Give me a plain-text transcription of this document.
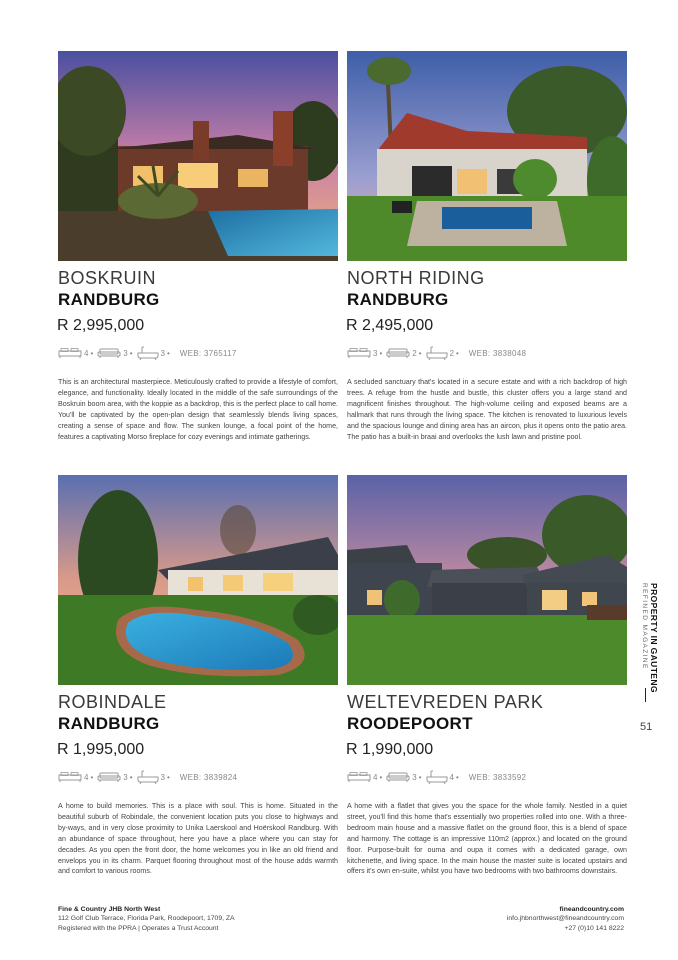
BOSKRUIN
RANDBURG
R 2,995,000
4 •	3 •	3 • WEB: 3765117
This is an architectural masterpiece. Meticulously crafted to provide a lifestyle of comfort, elegance, and functionality. Ideally located in the middle of the safe surroundings of the Boskruin boom area, with the koppie as a backdrop, this is the perfect place to call home. You'll be captivated by the open-plan design that seamlessly blends living spaces, creating a sense of space and flow. The sunken lounge, a focal point of the home, features a captivating Morso fireplace for cozy evenings and intimate gatherings.
NORTH RIDING
RANDBURG
R 2,495,000
3 •	2 •	2 • WEB: 3838048
A secluded sanctuary that's located in a secure estate and with a rich backdrop of high trees. A refuge from the hustle and bustle, this cluster offers you a large stand and magnificent finishes throughout. The high-volume ceiling and exposed beams are a hallmark that runs through the living space. The kitchen is renovated to luxurious levels and the spacious lounge and dining area has an aircon, plus it opens onto the patio area. The patio has a built-in braai and overlooks the lush lawn and pristine pool.
ROBINDALE
RANDBURG
R 1,995,000
4 •	3 •	3 • WEB: 3839824
A home to build memories. This is a place with soul. This is home. Situated in the beautiful suburb of Robindale, the convenient location puts you close to highways and by-ways, and in very close proximity to Unika Laerskool and Hoërskool Randburg. With an abundance of space throughout, here you have a place where you can stay for decades. As you open the front door, the home welcomes you in like an old friend and envelops you in its charm. Parquet flooring throughout most of the house adds warmth and comfort to various rooms.
WELTEVREDEN PARK
ROODEPOORT
R 1,990,000
4 •	3 •	4 • WEB: 3833592
A home with a flatlet that gives you the space for the whole family. Nestled in a quiet street, you'll find this home that's essentially two properties rolled into one. With a three-bedroom main house and a massive flatlet on the ground floor, this is a blend of space and harmony. The cottage is an impressive 110m2 (approx.) and located on the ground floor. Purpose-built for ouma and oupa it comes with a dedicated garage, own kitchenette, and living space. In the main house the master suite is located upstairs and offers it's own en-suite, whilst you have two bedrooms with two bathrooms downstairs.
PROPERTY IN GAUTENG
REFINED MAGAZINE
51
Fine & Country JHB North West
112 Golf Club Terrace, Florida Park, Roodepoort, 1709, ZA
Registered with the PPRA | Operates a Trust Account
fineandcountry.com
info.jhbnorthwest@fineandcountry.com
+27 (0)10 141 8222
